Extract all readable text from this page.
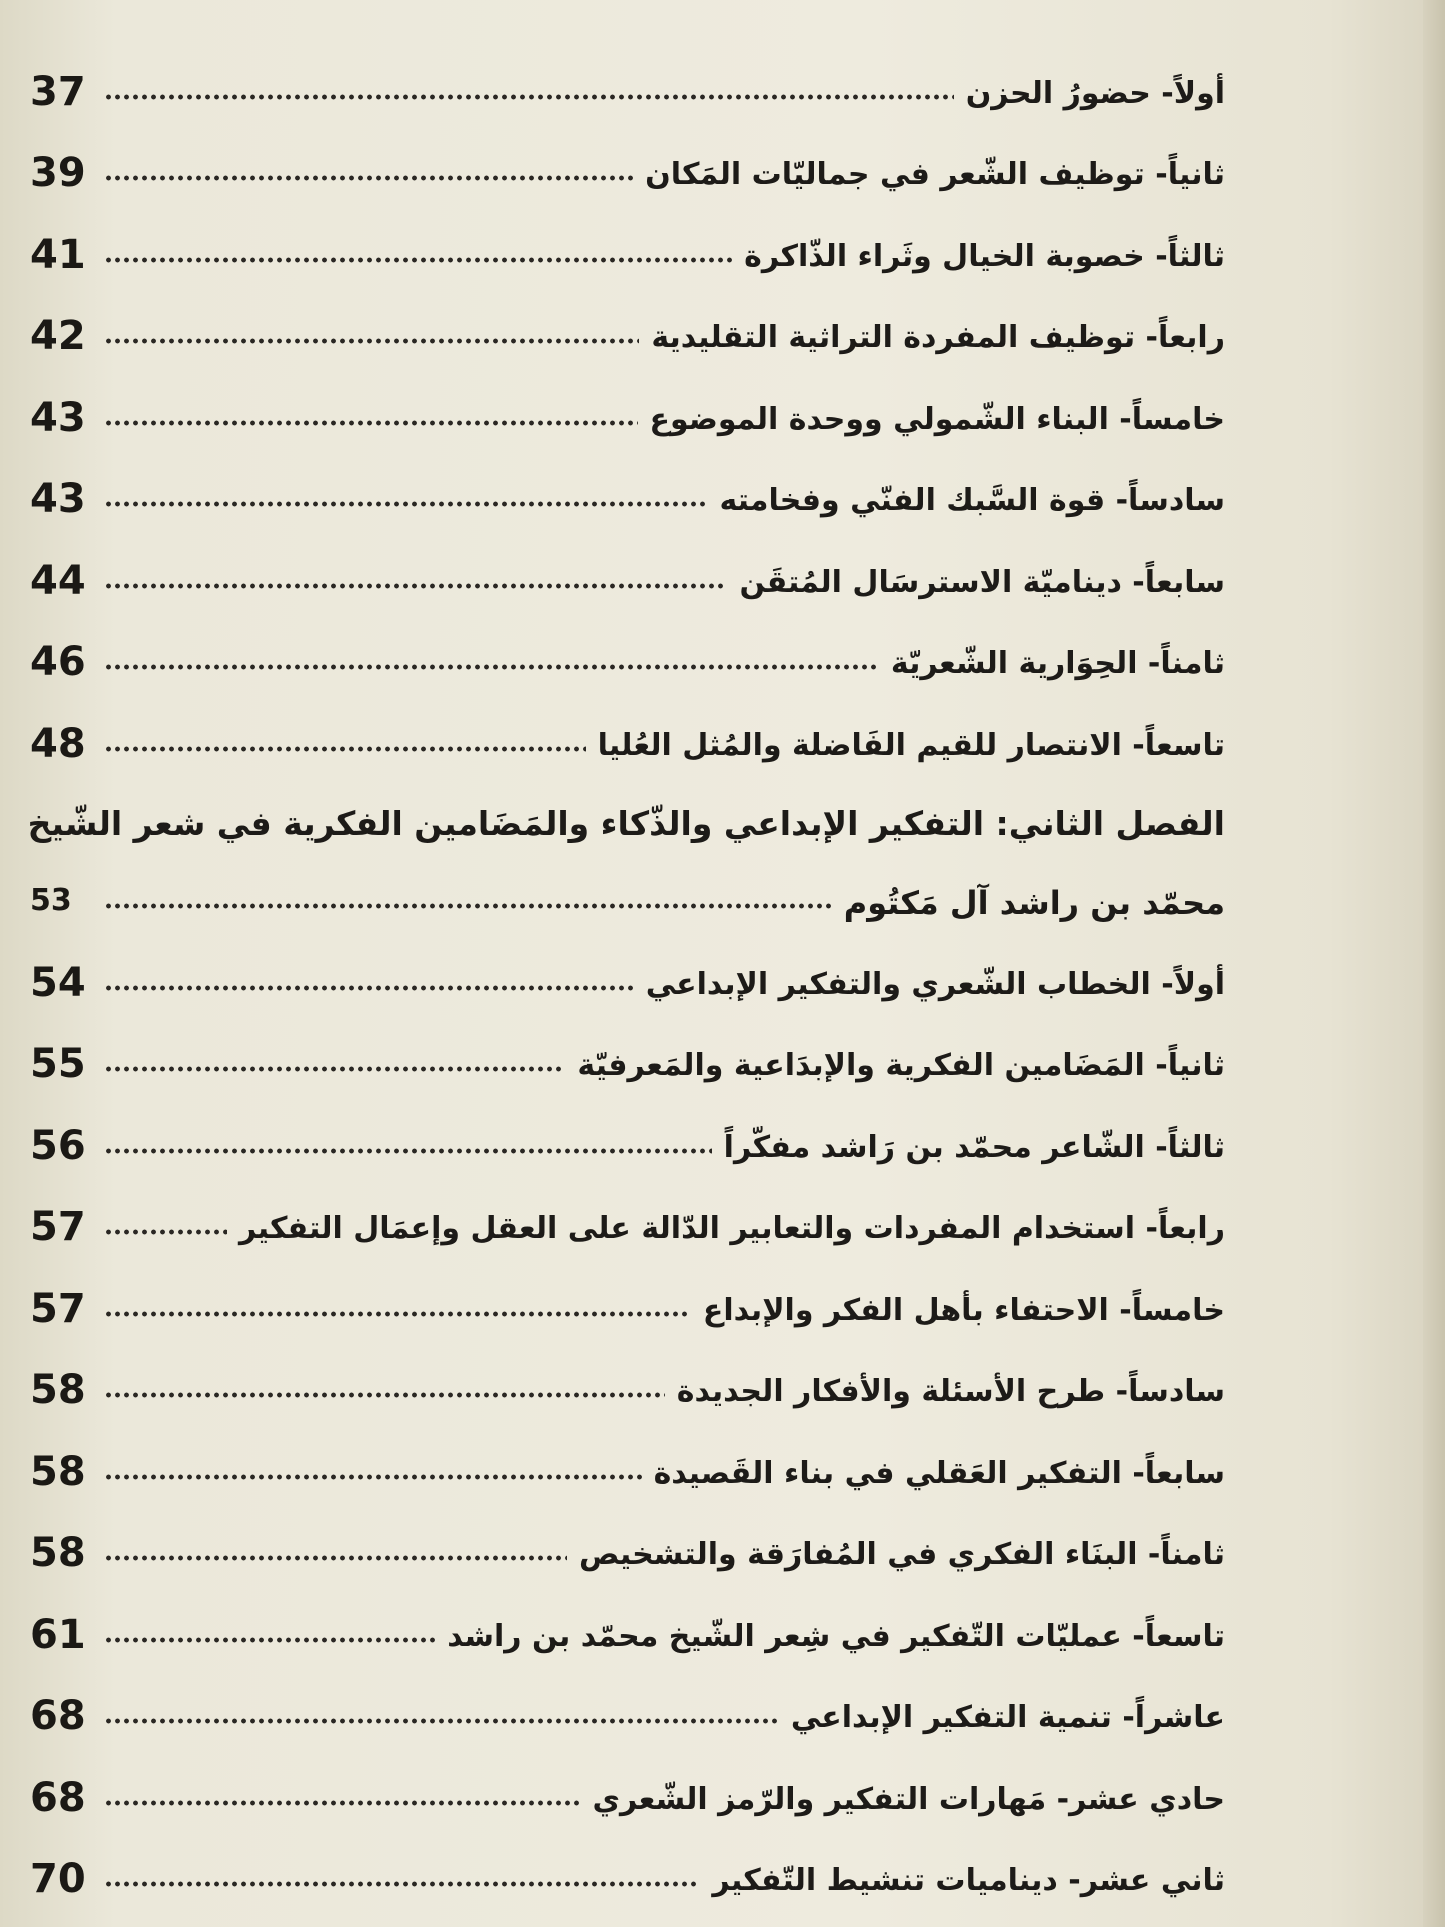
37	أولاً- حضورُ الحزن
39	ثانياً- توظيف الشّعر في جماليّات المَكان
41	ثالثاً- خصوبة الخيال وثَراء الذّاكرة
42	رابعاً- توظيف المفردة التراثية التقليدية
43	خامساً- البناء الشّمولي ووحدة الموضوع
43	سادساً- قوة السَّبك الفنّي وفخامته
44	سابعاً- ديناميّة الاسترسَال المُتقَن
46	ثامناً- الحِوَارية الشّعريّة
48	تاسعاً- الانتصار للقيم الفَاضلة والمُثل العُليا
الفصل الثاني: التفكير الإبداعي والذّكاء والمَضَامين الفكرية في شعر الشّيخ
53	محمّد بن راشد آل مَكتُوم
54	أولاً- الخطاب الشّعري والتفكير الإبداعي
55	ثانياً- المَضَامين الفكرية والإبدَاعية والمَعرفيّة
56	ثالثاً- الشّاعر محمّد بن رَاشد مفكّراً
57	رابعاً- استخدام المفردات والتعابير الدّالة على العقل وإعمَال التفكير
57	خامساً- الاحتفاء بأهل الفكر والإبداع
58	سادساً- طرح الأسئلة والأفكار الجديدة
58	سابعاً- التفكير العَقلي في بناء القَصيدة
58	ثامناً- البنَاء الفكري في المُفارَقة والتشخيص
61	تاسعاً- عمليّات التّفكير في شِعر الشّيخ محمّد بن راشد
68	عاشراً- تنمية التفكير الإبداعي
68	حادي عشر- مَهارات التفكير والرّمز الشّعري
70	ثاني عشر- ديناميات تنشيط التّفكير
